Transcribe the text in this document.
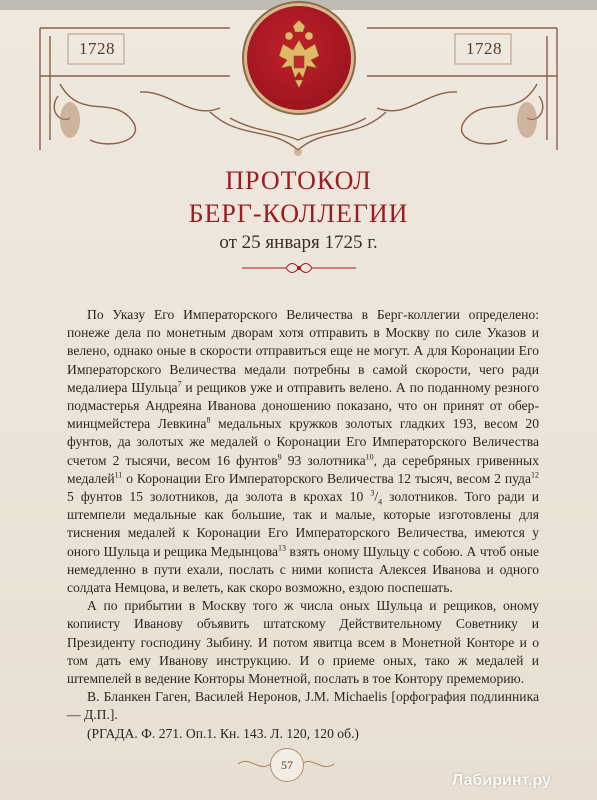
1728	1728
ПРОТОКОЛ
БЕРГ-КОЛЛЕГИИ
от 25 января 1725 г.

По Указу Его Императорского Величества в Берг-коллегии определено: понеже дела по монетным дворам хотя отправить в Москву по силе Указов и велено, однако оные в скорости отправиться еще не могут. А для Коронации Его Императорского Величества медали потребны в самой скорости, чего ради медалиера Шульца$^7$ и рещиков уже и отправить велено. А по поданному резного подмастерья Андреяна Иванова доношению показано, что он принят от обер-минцмейстера Левкина$^8$ медальных кружков золотых гладких 193, весом 20 фунтов, да золотых же медалей о Коронации Его Императорского Величества счетом 2 тысячи, весом 16 фунтов$^9$ 93 золотника$^{10}$, да серебряных гривенных медалей$^{11}$ о Коронации Его Императорского Величества 12 тысяч, весом 2 пуда$^{12}$ 5 фунтов 15 золотников, да золота в крохах 10 $^3/_4$ золотников. Того ради и штемпели медальные как большие, так и малые, которые изготовлены для тиснения медалей к Коронации Его Императорского Величества, имеются у оного Шульца и рещика Медынцова$^{13}$ взять оному Шульцу с собою. А чтоб оные немедленно в пути ехали, послать с ними кописта Алексея Иванова и одного солдата Немцова, и велеть, как скоро возможно, ездою поспешать.

А по прибытии в Москву того ж числа оных Шульца и рещиков, оному копиисту Иванову объявить штатскому Действительному Советнику и Президенту господину Зыбину. И потом явитца всем в Монетной Конторе и о том дать ему Иванову инструкцию. И о приеме оных, тако ж медалей и штемпелей в ведение Конторы Монетной, послать в тое Контору премеморию.

В. Бланкен Гаген, Василей Неронов, J.M. Michaelis [орфография подлинника — Д.П.].

(РГАДА. Ф. 271. Оп.1. Кн. 143. Л. 120, 120 об.)

57
Лабиринт.ру
